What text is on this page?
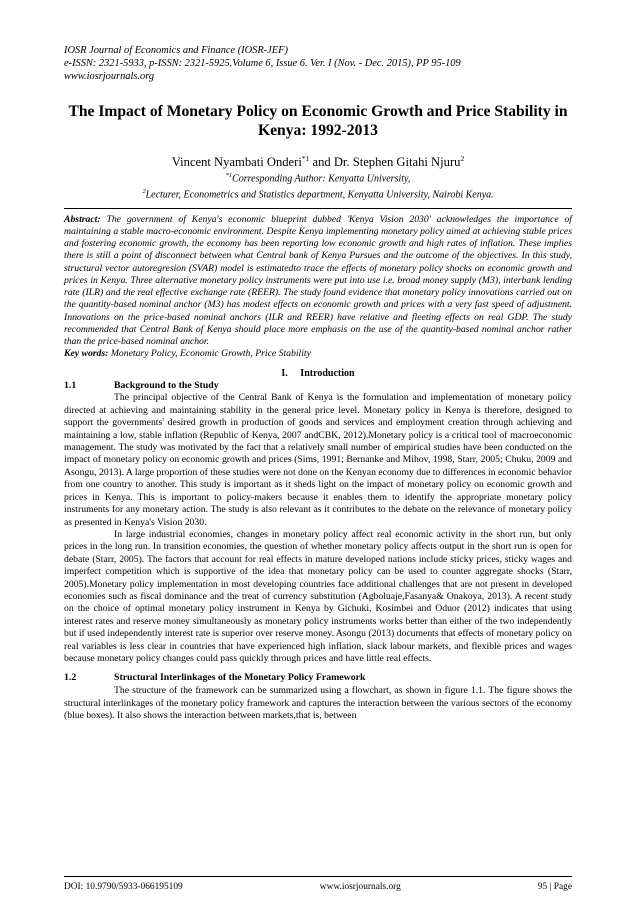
IOSR Journal of Economics and Finance (IOSR-JEF)
e-ISSN: 2321-5933, p-ISSN: 2321-5925.Volume 6, Issue 6. Ver. I (Nov. - Dec. 2015), PP 95-109
www.iosrjournals.org
The Impact of Monetary Policy on Economic Growth and Price Stability in Kenya: 1992-2013
Vincent Nyambati Onderi$^{*1}$ and Dr. Stephen Gitahi Njuru$^2$
$^{*1}$Corresponding Author: Kenyatta University,
$^2$Lecturer, Econometrics and Statistics department, Kenyatta University, Nairobi Kenya.
Abstract: The government of Kenya's economic blueprint dubbed 'Kenya Vision 2030' acknowledges the importance of maintaining a stable macro-economic environment. Despite Kenya implementing monetary policy aimed at achieving stable prices and fostering economic growth, the economy has been reporting low economic growth and high rates of inflation. These implies there is still a point of disconnect between what Central bank of Kenya Pursues and the outcome of the objectives. In this study, structural vector autoregresion (SVAR) model is estimatedto trace the effects of monetary policy shocks on economic growth and prices in Kenya. Three alternative monetary policy instruments were put into use i.e. broad money supply (M3), interbank lending rate (ILR) and the real effective exchange rate (REER). The study found evidence that monetary policy innovations carried out on the quantity-based nominal anchor (M3) has modest effects on economic growth and prices with a very fast speed of adjustment. Innovations on the price-based nominal anchors (ILR and REER) have relative and fleeting effects on real GDP. The study recommended that Central Bank of Kenya should place more emphasis on the use of the quantity-based nominal anchor rather than the price-based nominal anchor.
Key words: Monetary Policy, Economic Growth, Price Stability
I.     Introduction
1.1	Background to the Study

The principal objective of the Central Bank of Kenya is the formulation and implementation of monetary policy directed at achieving and maintaining stability in the general price level. Monetary policy in Kenya is therefore, designed to support the governments' desired growth in production of goods and services and employment creation through achieving and maintaining a low, stable inflation (Republic of Kenya, 2007 andCBK, 2012).Monetary policy is a critical tool of macroeconomic management. The study was motivated by the fact that a relatively small number of empirical studies have been conducted on the impact of monetary policy on economic growth and prices (Sims, 1991; Bernanke and Mihov, 1998, Starr, 2005; Chuku, 2009 and Asongu, 2013). A large proportion of these studies were not done on the Kenyan economy due to differences in economic behavior from one country to another. This study is important as it sheds light on the impact of monetary policy on economic growth and prices in Kenya. This is important to policy-makers because it enables them to identify the appropriate monetary policy instruments for any monetary action. The study is also relevant as it contributes to the debate on the relevance of monetary policy as presented in Kenya's Vision 2030.

In large industrial economies, changes in monetary policy affect real economic activity in the short run, but only prices in the long run. In transition economies, the question of whether monetary policy affects output in the short run is open for debate (Starr, 2005). The factors that account for real effects in mature developed nations include sticky prices, sticky wages and imperfect competition which is supportive of the idea that monetary policy can be used to counter aggregate shocks (Starr, 2005).Monetary policy implementation in most developing countries face additional challenges that are not present in developed economies such as fiscal dominance and the treat of currency substitution (Agboluaje,Fasanya& Onakoya, 2013). A recent study on the choice of optimal monetary policy instrument in Kenya by Gichuki, Kosimbei and Oduor (2012) indicates that using interest rates and reserve money simultaneously as monetary policy instruments works better than either of the two independently but if used independently interest rate is superior over reserve money. Asongu (2013) documents that effects of monetary policy on real variables is less clear in countries that have experienced high inflation, slack labour markets, and flexible prices and wages because monetary policy changes could pass quickly through prices and have little real effects.

1.2	Structural Interlinkages of the Monetary Policy Framework

The structure of the framework can be summarized using a flowchart, as shown in figure 1.1. The figure shows the structural interlinkages of the monetary policy framework and captures the interaction between the various sectors of the economy (blue boxes). It also shows the interaction between markets,that is, between

DOI: 10.9790/5933-066195109	www.iosrjournals.org	95 | Page
